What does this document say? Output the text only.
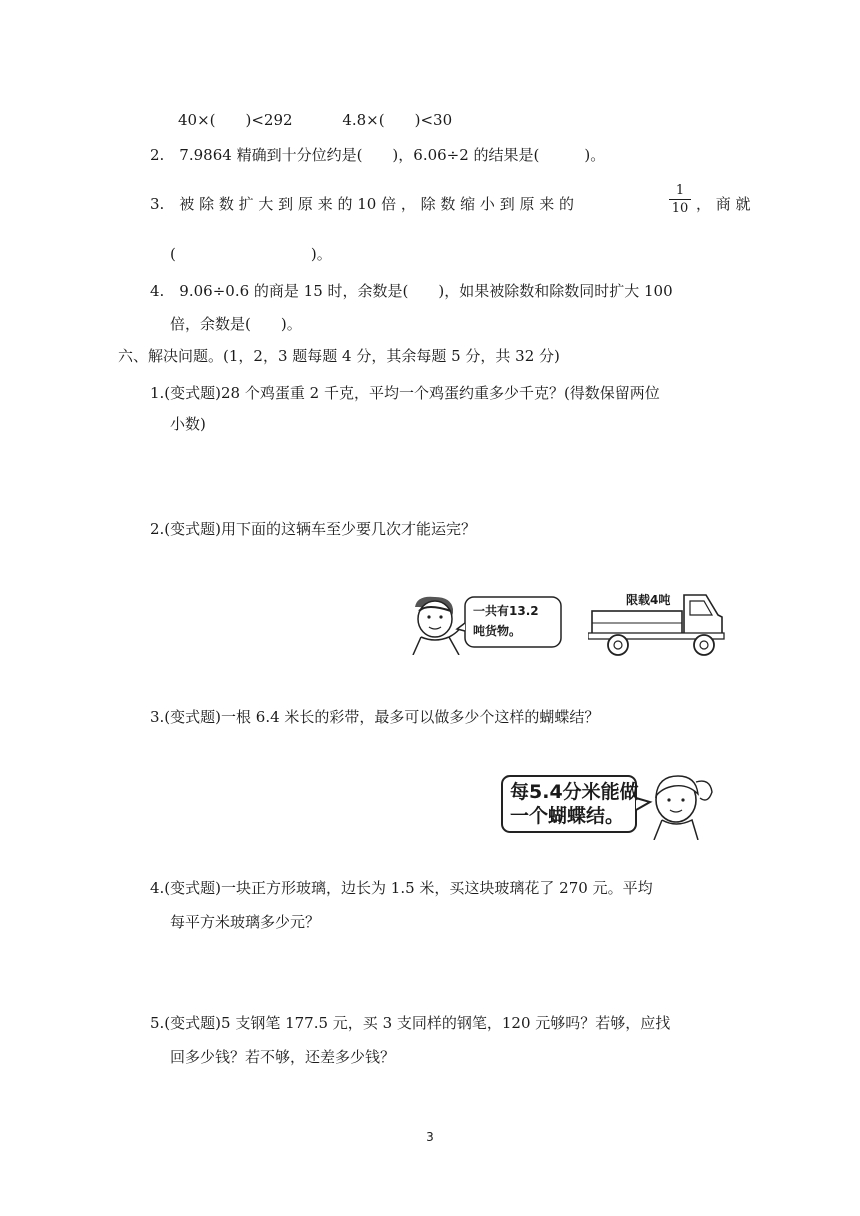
40×(　　)<292　　　 4.8×(　　)<30
2.　7.9864 精确到十分位约是(　　)，6.06÷2 的结果是(　　　)。
3.　被 除 数 扩 大 到 原 来 的 10 倍 ， 除 数 缩 小 到 原 来 的
1
10 ， 商 就
(　　　　　　　　　)。
4.　9.06÷0.6 的商是 15 时，余数是(　　)，如果被除数和除数同时扩大 100
倍，余数是(　　)。
六、解决问题。(1，2，3 题每题 4 分，其余每题 5 分，共 32 分)
1.(变式题)28 个鸡蛋重 2 千克，平均一个鸡蛋约重多少千克？(得数保留两位
小数)
2.(变式题)用下面的这辆车至少要几次才能运完？
一共有13.2
吨货物。
限载4吨
3.(变式题)一根 6.4 米长的彩带，最多可以做多少个这样的蝴蝶结？
每5.4分米能做
一个蝴蝶结。
4.(变式题)一块正方形玻璃，边长为 1.5 米，买这块玻璃花了 270 元。平均
每平方米玻璃多少元？
5.(变式题)5 支钢笔 177.5 元，买 3 支同样的钢笔，120 元够吗？若够，应找
回多少钱？若不够，还差多少钱？
3
